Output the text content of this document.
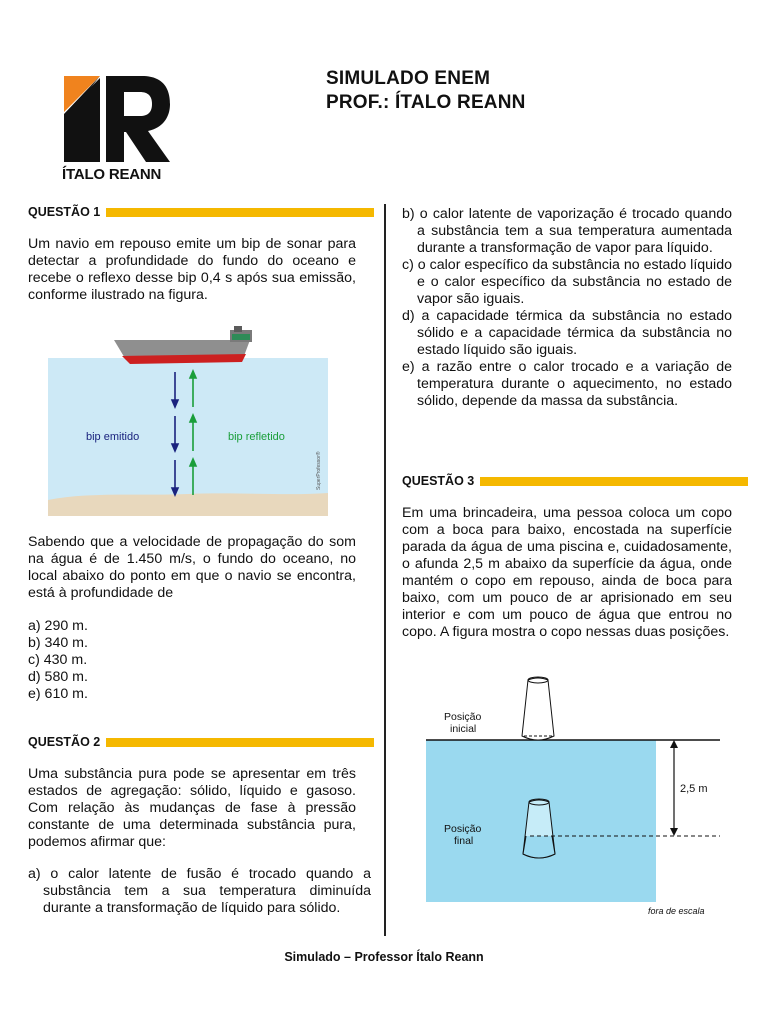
ÍTALO REANN
SIMULADO ENEM
PROF.: ÍTALO REANN
QUESTÃO 1
Um navio em repouso emite um bip de sonar para detectar a profundidade do fundo do oceano e recebe o reflexo desse bip 0,4 s após sua emissão, conforme ilustrado na figura.
bip emitido	bip refletido
SuperProfessor®
Sabendo que a velocidade de propagação do som na água é de 1.450 m/s, o fundo do oceano, no local abaixo do ponto em que o navio se encontra, está à profundidade de
a) 290 m.
b) 340 m.
c) 430 m.
d) 580 m.
e) 610 m.
QUESTÃO 2
Uma substância pura pode se apresentar em três estados de agregação: sólido, líquido e gasoso. Com relação às mudanças de fase à pressão constante de uma determinada substância pura, podemos afirmar que:
a) o calor latente de fusão é trocado quando a substância tem a sua temperatura diminuída durante a transformação de líquido para sólido.
b) o calor latente de vaporização é trocado quando a substância tem a sua temperatura aumentada durante a transformação de vapor para líquido.
c) o calor específico da substância no estado líquido e o calor específico da substância no estado de vapor são iguais.
d) a capacidade térmica da substância no estado sólido e a capacidade térmica da substância no estado líquido são iguais.
e) a razão entre o calor trocado e a variação de temperatura durante o aquecimento, no estado sólido, depende da massa da substância.
QUESTÃO 3
Em uma brincadeira, uma pessoa coloca um copo com a boca para baixo, encostada na superfície parada da água de uma piscina e, cuidadosamente, o afunda 2,5 m abaixo da superfície da água, onde mantém o copo em repouso, ainda de boca para baixo, com um pouco de ar aprisionado em seu interior e com um pouco de água que entrou no copo. A figura mostra o copo nessas duas posições.
Posição
inicial
Posição
final
2,5 m
fora de escala
Simulado – Professor Ítalo Reann
